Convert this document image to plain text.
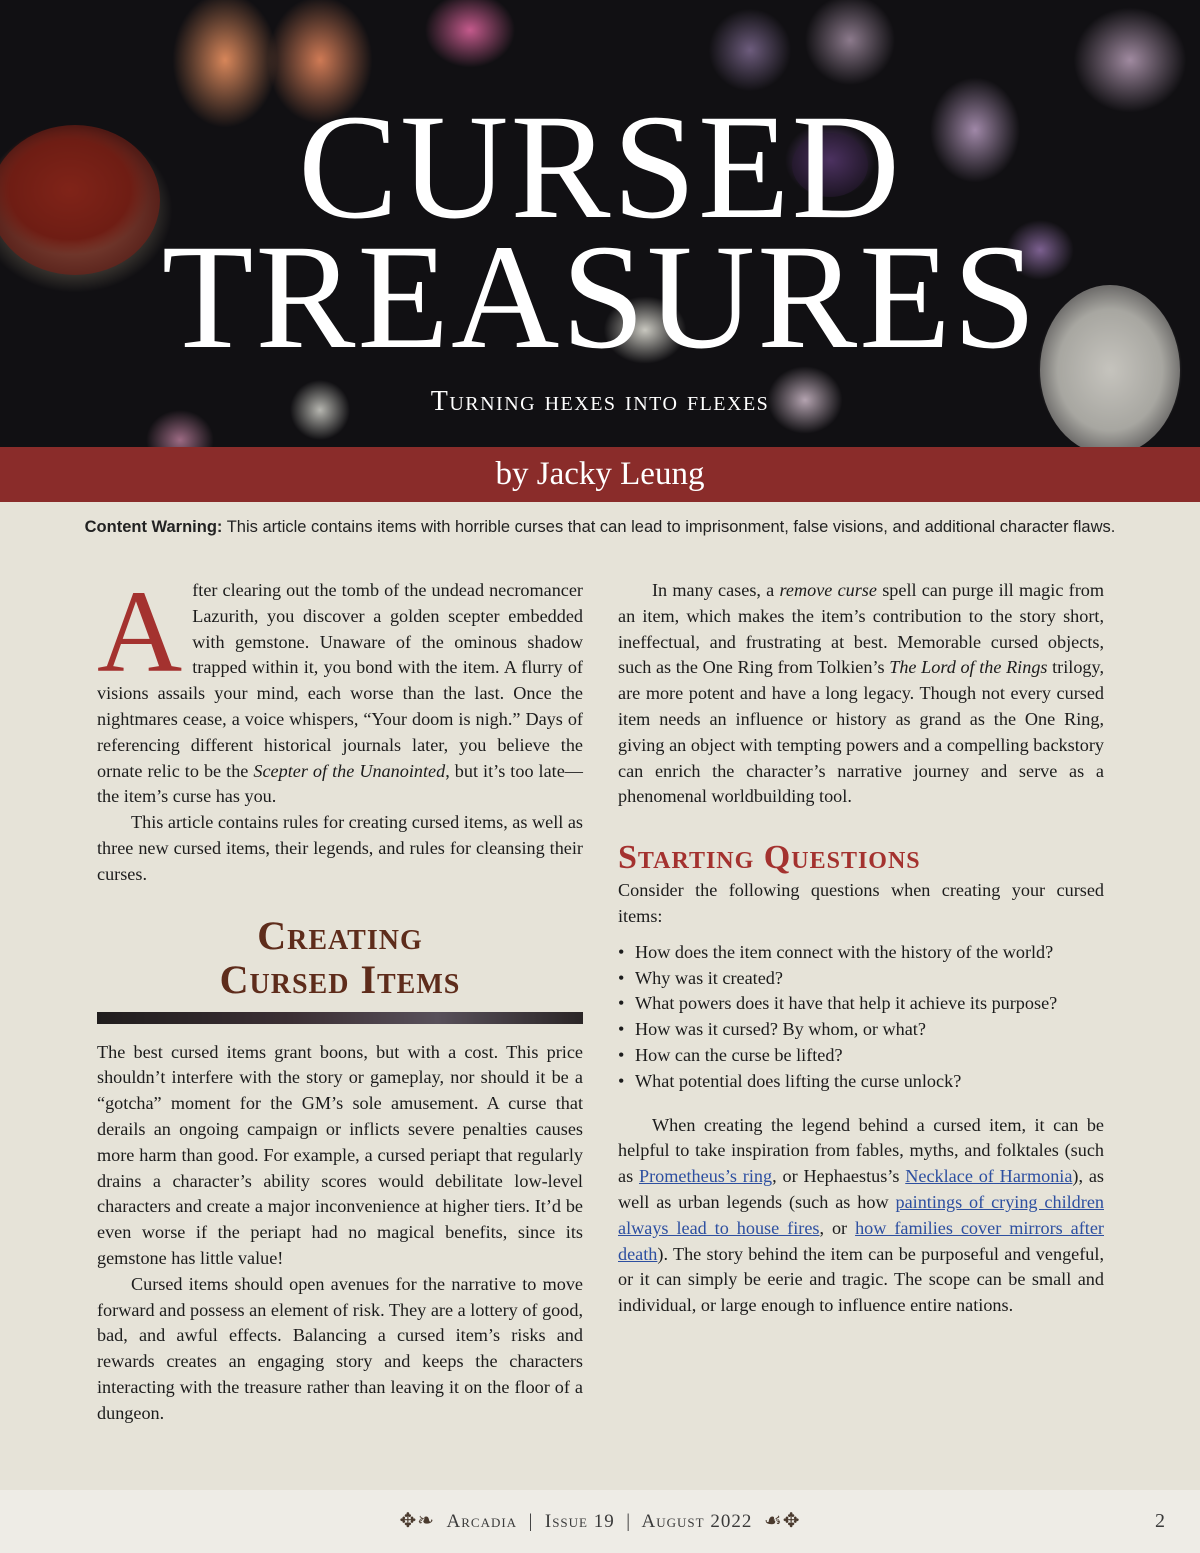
CURSED
TREASURES
Turning hexes into flexes
by Jacky Leung
Content Warning: This article contains items with horrible curses that can lead to imprisonment, false visions, and additional character flaws.

After clearing out the tomb of the undead necromancer Lazurith, you discover a golden scepter embedded with gemstone. Unaware of the ominous shadow trapped within it, you bond with the item. A flurry of visions assails your mind, each worse than the last. Once the nightmares cease, a voice whispers, “Your doom is nigh.” Days of referencing different historical journals later, you believe the ornate relic to be the Scepter of the Unanointed, but it’s too late—the item’s curse has you.

This article contains rules for creating cursed items, as well as three new cursed items, their legends, and rules for cleansing their curses.

Creating
Cursed Items

The best cursed items grant boons, but with a cost. This price shouldn’t interfere with the story or gameplay, nor should it be a “gotcha” moment for the GM’s sole amusement. A curse that derails an ongoing campaign or inflicts severe penalties causes more harm than good. For example, a cursed periapt that regularly drains a character’s ability scores would debilitate low-level characters and create a major inconvenience at higher tiers. It’d be even worse if the periapt had no magical benefits, since its gemstone has little value!

Cursed items should open avenues for the narrative to move forward and possess an element of risk. They are a lottery of good, bad, and awful effects. Balancing a cursed item’s risks and rewards creates an engaging story and keeps the characters interacting with the treasure rather than leaving it on the floor of a dungeon.

In many cases, a remove curse spell can purge ill magic from an item, which makes the item’s contribution to the story short, ineffectual, and frustrating at best. Memorable cursed objects, such as the One Ring from Tolkien’s The Lord of the Rings trilogy, are more potent and have a long legacy. Though not every cursed item needs an influence or history as grand as the One Ring, giving an object with tempting powers and a compelling backstory can enrich the character’s narrative journey and serve as a phenomenal worldbuilding tool.

Starting Questions

Consider the following questions when creating your cursed items:

• How does the item connect with the history of the world?
• Why was it created?
• What powers does it have that help it achieve its purpose?
• How was it cursed? By whom, or what?
• How can the curse be lifted?
• What potential does lifting the curse unlock?

When creating the legend behind a cursed item, it can be helpful to take inspiration from fables, myths, and folktales (such as Prometheus’s ring, or Hephaestus’s Necklace of Harmonia), as well as urban legends (such as how paintings of crying children always lead to house fires, or how families cover mirrors after death). The story behind the item can be purposeful and vengeful, or it can simply be eerie and tragic. The scope can be small and individual, or large enough to influence entire nations.

✥❧ Arcadia | Issue 19 | August 2022 ☙✥	2
